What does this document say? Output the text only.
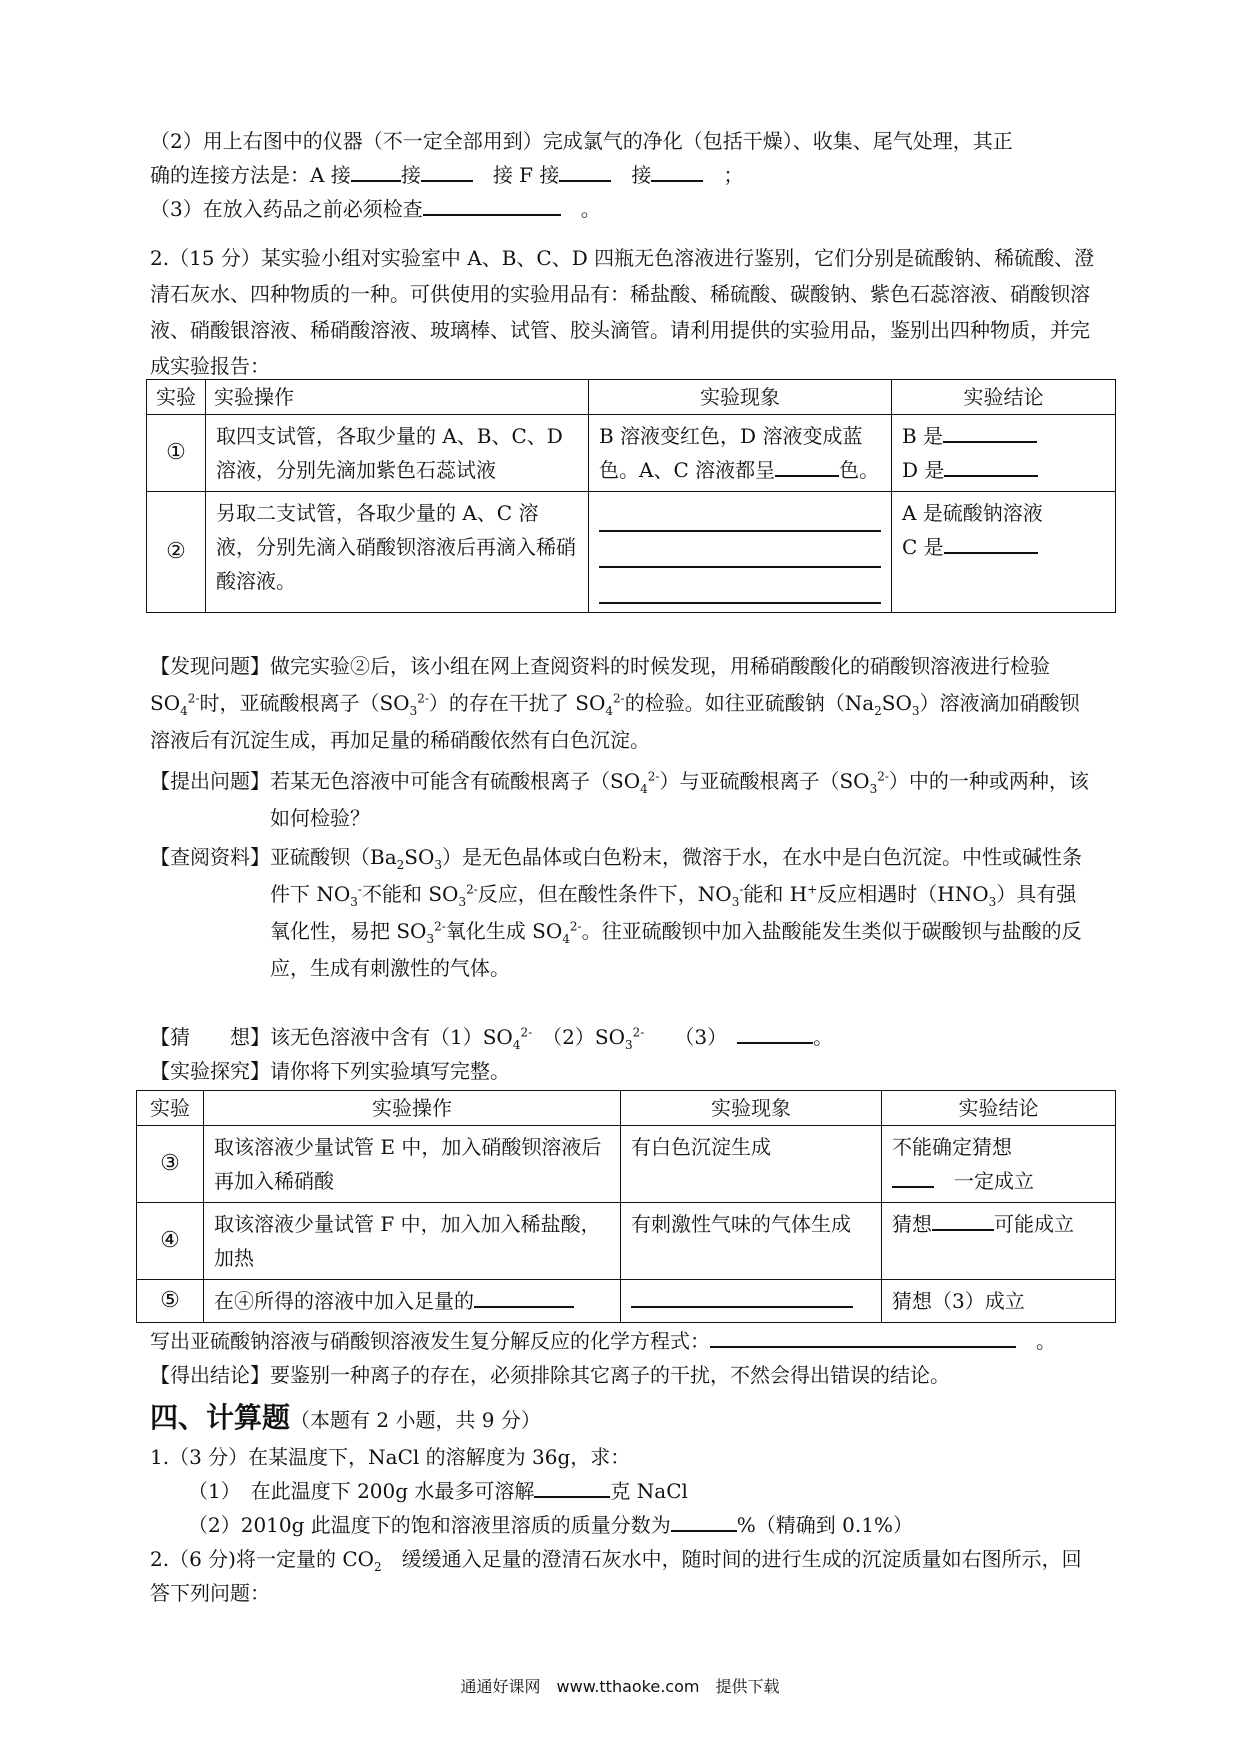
（2）用上右图中的仪器（不一定全部用到）完成氯气的净化（包括干燥）、收集、尾气处理，其正

确的连接方法是：A 接	接　	接 F 接　	接　	；

（3）在放入药品之前必须检查　	。

2.（15 分）某实验小组对实验室中 A、B、C、D 四瓶无色溶液进行鉴别，它们分别是硫酸钠、稀硫酸、澄清石灰水、四种物质的一种。可供使用的实验用品有：稀盐酸、稀硫酸、碳酸钠、紫色石蕊溶液、硝酸钡溶液、硝酸银溶液、稀硝酸溶液、玻璃棒、试管、胶头滴管。请利用提供的实验用品，鉴别出四种物质，并完成实验报告：

实验	实验操作	实验现象	实验结论
①	取四支试管，各取少量的 A、B、C、D 溶液，分别先滴加紫色石蕊试液	B 溶液变红色，D 溶液变成蓝色。A、C 溶液都呈 色。	B 是
D 是
②	另取二支试管，各取少量的 A、C 溶液，分别先滴入硝酸钡溶液后再滴入稀硝酸溶液。		A 是硫酸钠溶液
C 是

【发现问题】做完实验②后，该小组在网上查阅资料的时候发现，用稀硝酸酸化的硝酸钡溶液进行检验 $SO_4^{2-}$时，亚硫酸根离子$(SO_3^{2-})$的存在干扰了 $SO_4^{2-}$的检验。如往亚硫酸钠$(Na_2SO_3)$溶液滴加硝酸钡溶液后有沉淀生成，再加足量的稀硝酸依然有白色沉淀。

【提出问题】 若某无色溶液中可能含有硫酸根离子$(SO_4^{2-})$与亚硫酸根离子$(SO_3^{2-})$中的一种或两种，该如何检验？

【查阅资料】 亚硫酸钡$(Ba_2SO_3)$是无色晶体或白色粉末，微溶于水，在水中是白色沉淀。中性或碱性条件下 $NO_3^-$不能和 $SO_3^{2-}$反应，但在酸性条件下，$NO_3^-$能和 H+反应相遇时$(HNO_3)$具有强氧化性，易把 $SO_3^{2-}$氧化生成 $SO_4^{2-}$。往亚硫酸钡中加入盐酸能发生类似于碳酸钡与盐酸的反应，生成有刺激性的气体。

【猜　　想】该无色溶液中含有$(1)SO_4^{2-}$　 $(2)SO_3^{2-}$　　 （3）　	。

【实验探究】请你将下列实验填写完整。

实验	实验操作	实验现象	实验结论
③	取该溶液少量试管 E 中，加入硝酸钡溶液后再加入稀硝酸	有白色沉淀生成	不能确定猜想
　一定成立
④	取该溶液少量试管 F 中，加入加入稀盐酸，加热	有刺激性气味的气体生成	猜想 可能成立
⑤	在④所得的溶液中加入足量的		猜想（3）成立

写出亚硫酸钠溶液与硝酸钡溶液发生复分解反应的化学方程式：　	。

【得出结论】要鉴别一种离子的存在，必须排除其它离子的干扰，不然会得出错误的结论。

四、计算题（本题有 2 小题，共 9 分）

1.（3 分）在某温度下，NaCl 的溶解度为 36g，求：

（1）　在此温度下 200g 水最多可溶解	克 NaCl

（2）2010g 此温度下的饱和溶液里溶质的质量分数为	%（精确到 0.1%）

2.（6 分)将一定量的 $CO_2$　 缓缓通入足量的澄清石灰水中，随时间的进行生成的沉淀质量如右图所示，回答下列问题：

通通好课网　www.tthaoke.com　提供下载
